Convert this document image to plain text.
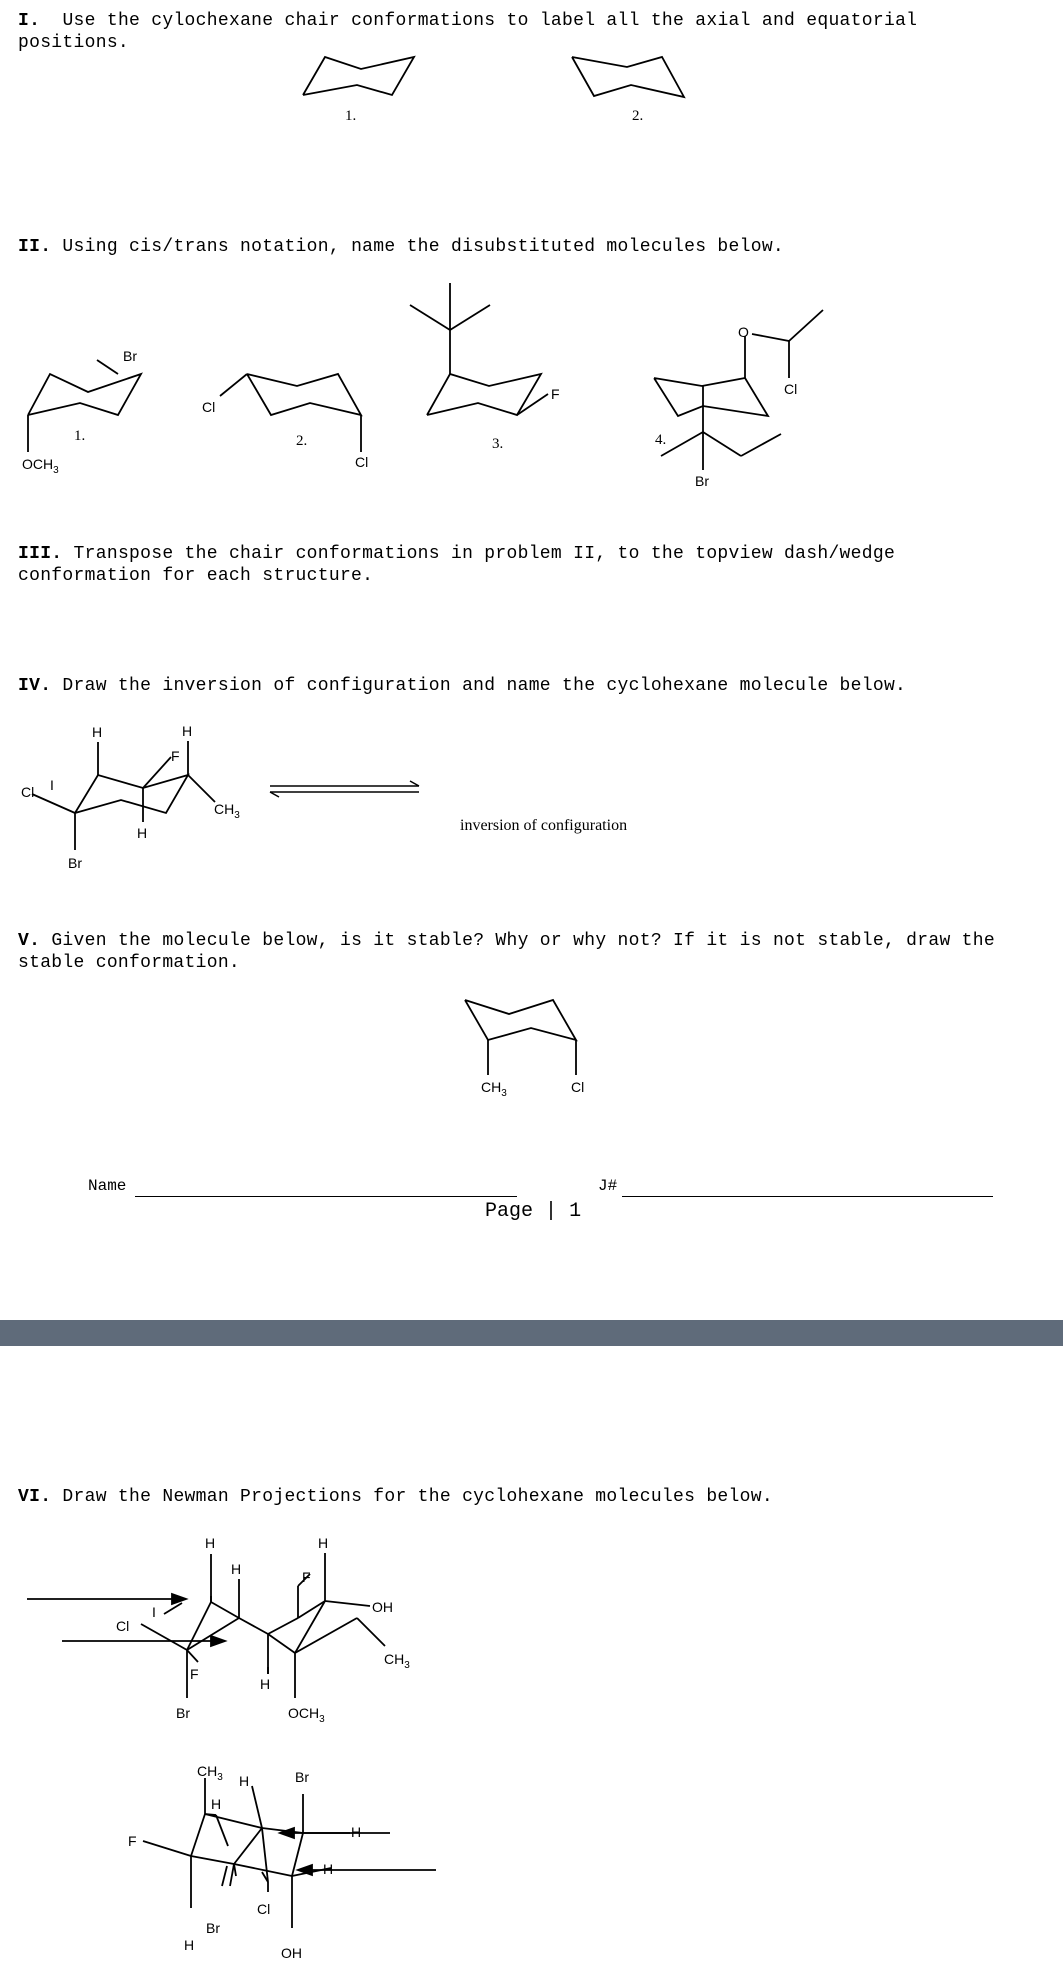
I. Use the cylochexane chair conformations to label all the axial and equatorial positions.
II. Using cis/trans notation, name the disubstituted molecules below.
III. Transpose the chair conformations in problem II, to the topview dash/wedge conformation for each structure.
IV. Draw the inversion of configuration and name the cyclohexane molecule below.
V. Given the molecule below, is it stable? Why or why not? If it is not stable, draw the stable conformation.
1.	2.
Br
$OCH_3$
1.
Cl
Cl
2.
F
3.
O
Cl
Br
4.
H	H
F
I
Cl
H
Br
$CH_3$
inversion of configuration
$CH_3$	Cl
Name	J#
Page | 1
VI. Draw the Newman Projections for the cyclohexane molecules below.
H
H
H
F
I
Cl
F
H
Br	$OCH_3$
OH
$CH_3$
$CH_3$ H	Br
H
H
F
H
Cl
Br
H	OH
